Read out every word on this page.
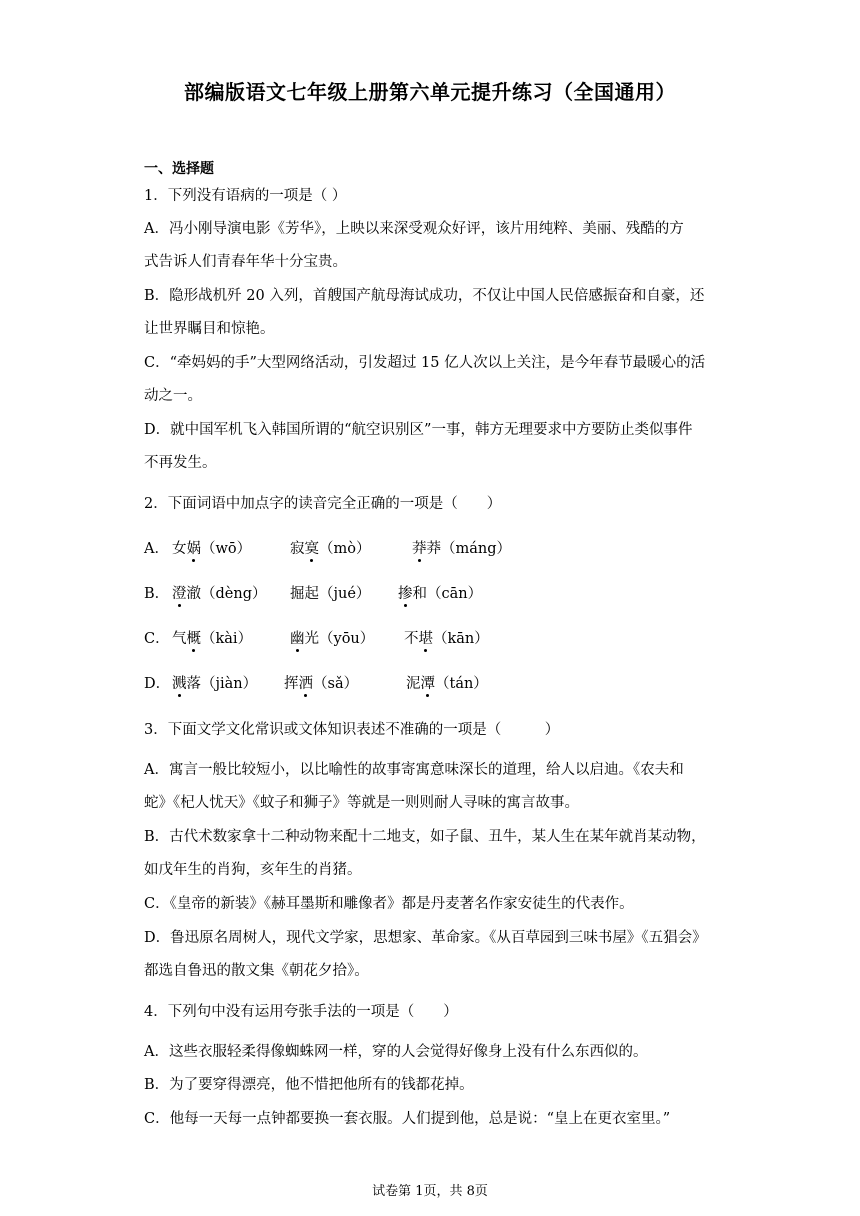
部编版语文七年级上册第六单元提升练习（全国通用）
一、选择题
1．下列没有语病的一项是（ ）
A．冯小刚导演电影《芳华》，上映以来深受观众好评，该片用纯粹、美丽、残酷的方
式告诉人们青春年华十分宝贵。
B．隐形战机歼 20 入列，首艘国产航母海试成功，不仅让中国人民倍感振奋和自豪，还
让世界瞩目和惊艳。
C．“牵妈妈的手”大型网络活动，引发超过 15 亿人次以上关注，是今年春节最暖心的活
动之一。
D．就中国军机飞入韩国所谓的“航空识别区”一事，韩方无理要求中方要防止类似事件
不再发生。
2．下面词语中加点字的读音完全正确的一项是（　　）
A． 女娲（wō）	寂寞（mò）	莽莽（máng）
B． 澄澈（dèng） 掘起（jué） 掺和（cān）
C． 气概（kài）	幽光（yōu） 不堪（kān）
D． 溅落（jiàn） 挥洒（sǎ）	泥潭（tán）
3．下面文学文化常识或文体知识表述不准确的一项是（　　　）
A．寓言一般比较短小，以比喻性的故事寄寓意味深长的道理，给人以启迪。《农夫和
蛇》《杞人忧天》《蚊子和狮子》等就是一则则耐人寻味的寓言故事。
B．古代术数家拿十二种动物来配十二地支，如子鼠、丑牛，某人生在某年就肖某动物，
如戊年生的肖狗，亥年生的肖猪。
C．《皇帝的新装》《赫耳墨斯和雕像者》都是丹麦著名作家安徒生的代表作。
D．鲁迅原名周树人，现代文学家，思想家、革命家。《从百草园到三味书屋》《五猖会》
都选自鲁迅的散文集《朝花夕拾》。
4．下列句中没有运用夸张手法的一项是（　　）
A．这些衣服轻柔得像蜘蛛网一样，穿的人会觉得好像身上没有什么东西似的。
B．为了要穿得漂亮，他不惜把他所有的钱都花掉。
C．他每一天每一点钟都要换一套衣服。人们提到他，总是说：“皇上在更衣室里。”
试卷第 1页，共 8页
